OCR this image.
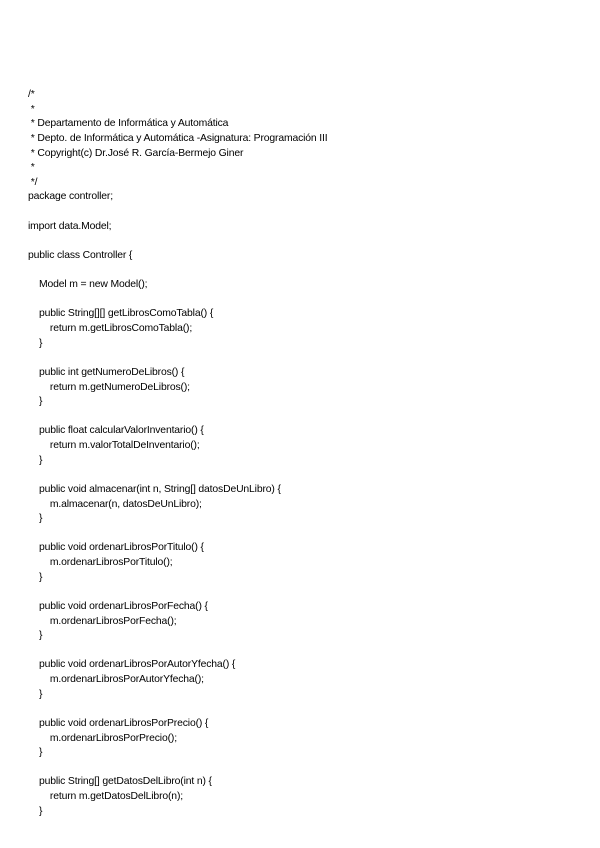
/*
*
* Departamento de Informática y Automática
* Depto. de Informática y Automática -Asignatura: Programación III
* Copyright(c) Dr.José R. García-Bermejo Giner
*
*/
package controller;
import data.Model;
public class Controller {
Model m = new Model();
public String[][] getLibrosComoTabla() {
return m.getLibrosComoTabla();
}
public int getNumeroDeLibros() {
return m.getNumeroDeLibros();
}
public float calcularValorInventario() {
return m.valorTotalDeInventario();
}
public void almacenar(int n, String[] datosDeUnLibro) {
m.almacenar(n, datosDeUnLibro);
}
public void ordenarLibrosPorTitulo() {
m.ordenarLibrosPorTitulo();
}
public void ordenarLibrosPorFecha() {
m.ordenarLibrosPorFecha();
}
public void ordenarLibrosPorAutorYfecha() {
m.ordenarLibrosPorAutorYfecha();
}
public void ordenarLibrosPorPrecio() {
m.ordenarLibrosPorPrecio();
}
public String[] getDatosDelLibro(int n) {
return m.getDatosDelLibro(n);
}
